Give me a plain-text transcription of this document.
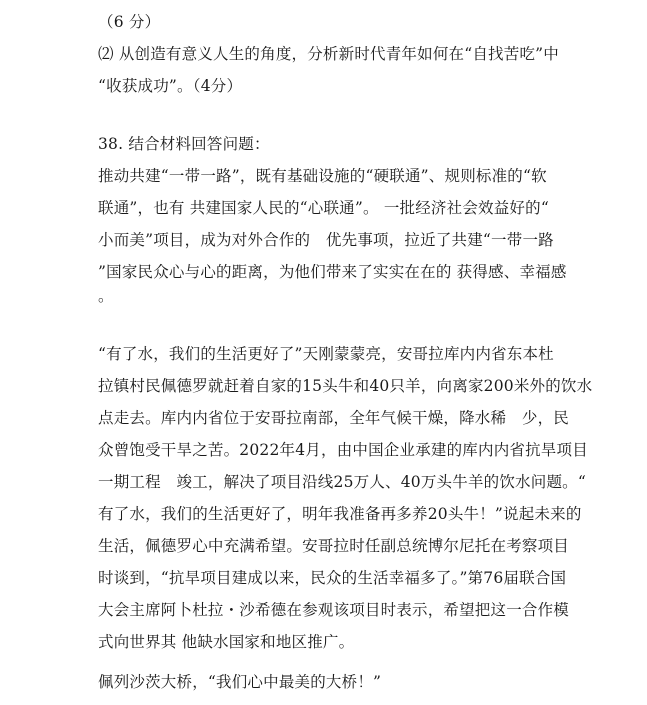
（6 分）
⑵ 从创造有意义人生的角度，分析新时代青年如何在“自找苦吃”中
“收获成功”。（4分）
38. 结合材料回答问题：
推动共建“一带一路”，既有基础设施的“硬联通”、规则标准的“软
联通”，也有 共建国家人民的“心联通”。 一批经济社会效益好的“
小而美”项目，成为对外合作的　优先事项，拉近了共建“一带一路
”国家民众心与心的距离，为他们带来了实实在在的 获得感、幸福感
。
“有了水，我们的生活更好了”天刚蒙蒙亮，安哥拉库内内省东本杜
拉镇村民佩德罗就赶着自家的15头牛和40只羊，向离家200米外的饮水
点走去。库内内省位于安哥拉南部，全年气候干燥，降水稀　少，民
众曾饱受干旱之苦。2022年4月，由中国企业承建的库内内省抗旱项目
一期工程　竣工，解决了项目沿线25万人、40万头牛羊的饮水问题。“
有了水，我们的生活更好了，明年我准备再多养20头牛！”说起未来的
生活，佩德罗心中充满希望。安哥拉时任副总统博尔尼托在考察项目
时谈到，“抗旱项目建成以来，民众的生活幸福多了。”第76届联合国
大会主席阿卜杜拉・沙希德在参观该项目时表示，希望把这一合作模
式向世界其 他缺水国家和地区推广。
佩列沙茨大桥，“我们心中最美的大桥！”
